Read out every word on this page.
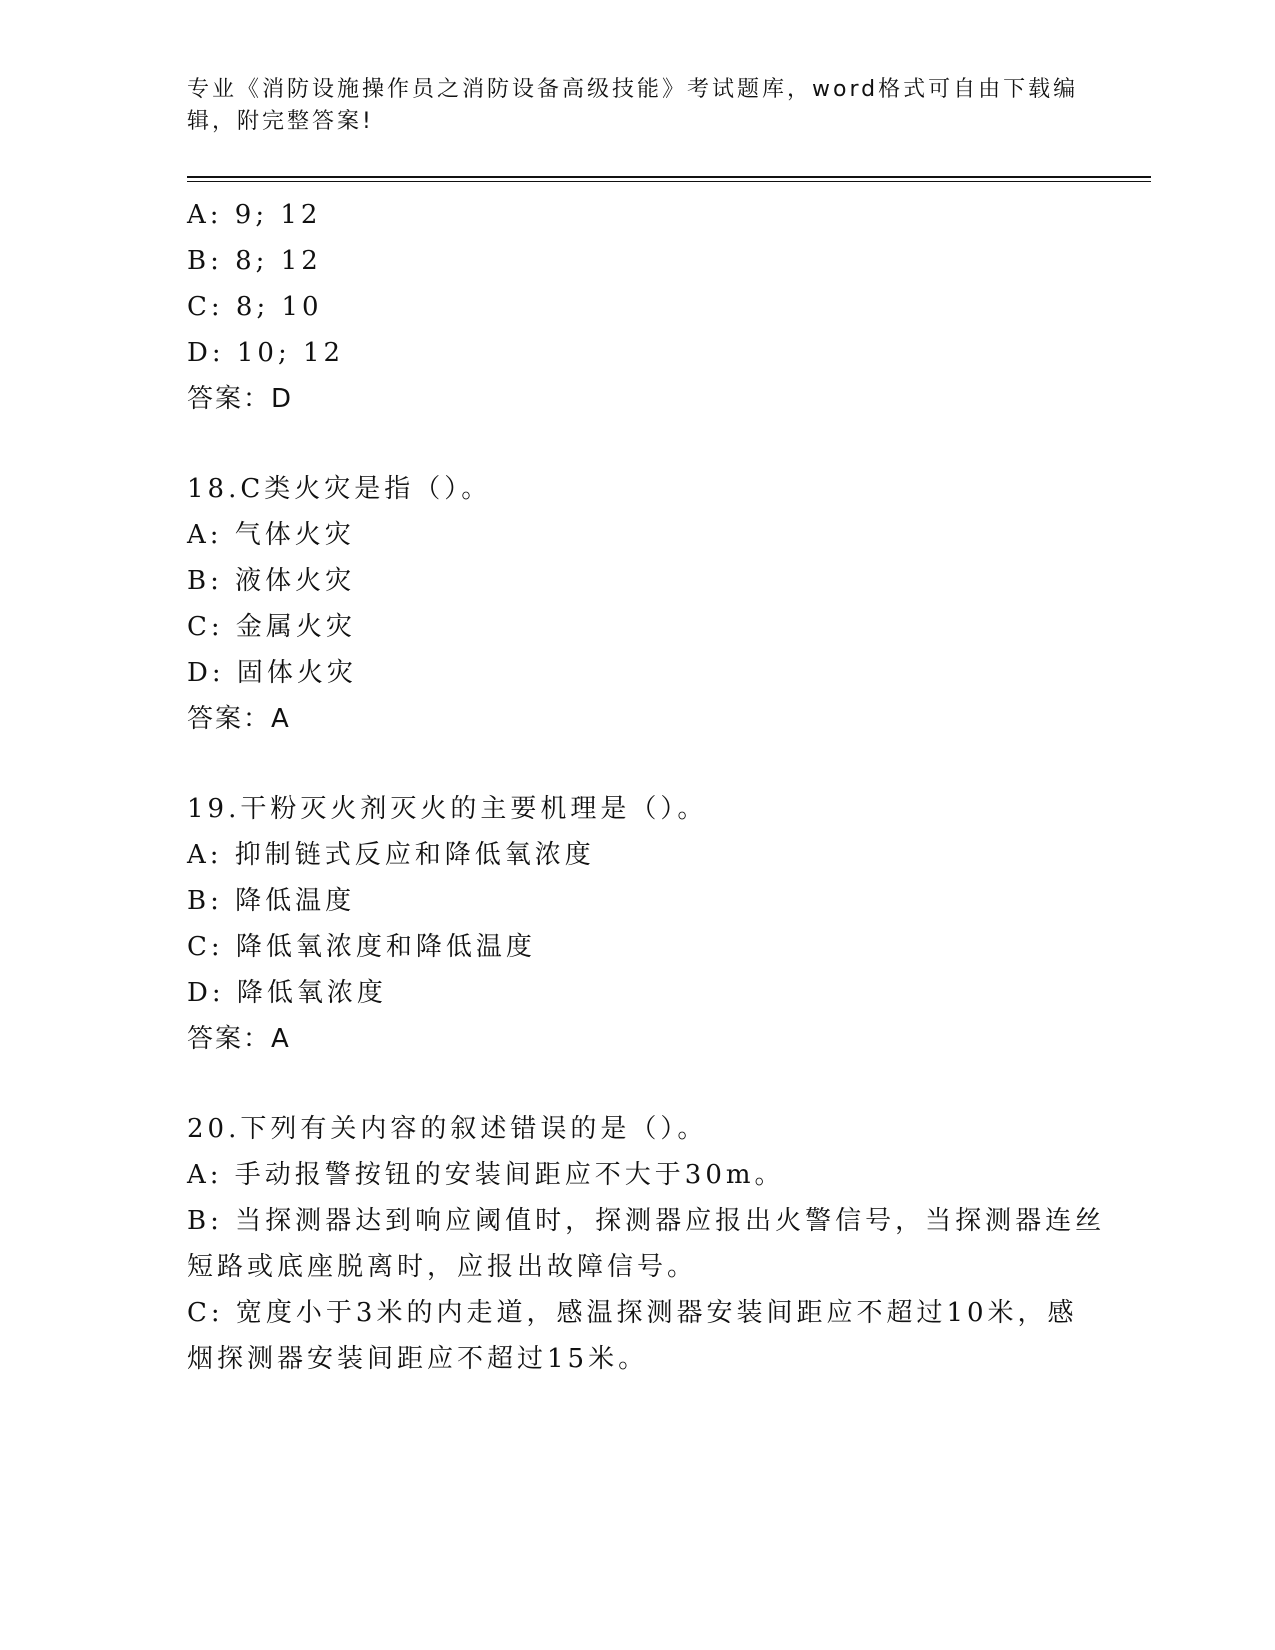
专业《消防设施操作员之消防设备高级技能》考试题库，word格式可自由下载编
辑，附完整答案!
A: 9; 12
B: 8; 12
C: 8; 10
D: 10; 12
答案：D
18.C类火灾是指（）。
A: 气体火灾
B: 液体火灾
C: 金属火灾
D: 固体火灾
答案：A
19.干粉灭火剂灭火的主要机理是（）。
A: 抑制链式反应和降低氧浓度
B: 降低温度
C: 降低氧浓度和降低温度
D: 降低氧浓度
答案：A
20.下列有关内容的叙述错误的是（）。
A: 手动报警按钮的安装间距应不大于30m。
B: 当探测器达到响应阈值时，探测器应报出火警信号，当探测器连丝
短路或底座脱离时，应报出故障信号。
C: 宽度小于3米的内走道，感温探测器安装间距应不超过10米，感
烟探测器安装间距应不超过15米。
